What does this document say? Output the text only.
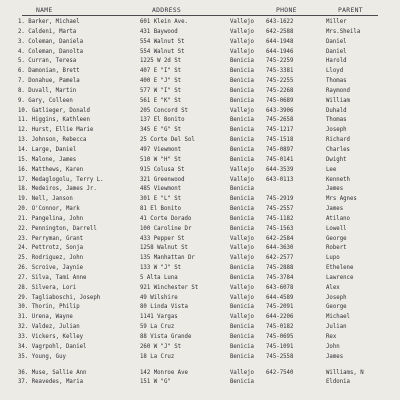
NAME	ADDRESS	PHONE	PARENT
1. Barker, Michael	601 Klein Ave.	Vallejo	643-1622	Miller
2. Caldeni, Marta	431 Baywood	Vallejo	642-2588	Mrs.Sheila
3. Coleman, Daniela	554 Walnut St	Vallejo	644-1948	Daniel
4. Coleman, Danolta	554 Walnut St	Vallejo	644-1946	Daniel
5. Curran, Teresa	1225 W 2d St	Benicia	745-2259	Harold
6. Damonian, Brett	407 E "I" St	Benicia	745-3381	Lloyd
7. Donahue, Pamela	400 E "J" St	Benicia	745-2255	Thomas
8. Duvall, Martin	577 W "I" St	Benicia	745-2268	Raymond
9. Gary, Colleen	561 E "K" St	Benicia	745-0689	William
10. Gatlieger, Donald	205 Concord St	Vallejo	643-3906	Duhald
11. Higgins, Kathleen	137 El Bonito	Benicia	745-2658	Thomas
12. Hurst, Ellie Marie	345 E "G" St	Benicia	745-1217	Joseph
13. Johnson, Rebecca	25 Corte Del Sol	Benicia	745-1518	Richard
14. Large, Daniel	497 Viewmont	Benicia	745-0897	Charles
15. Malone, James	510 W "H" St	Benicia	745-0141	Dwight
16. Matthews, Karen	915 Colusa St	Vallejo	644-3539	Lee
17. Medaglogolu, Terry L.	321 Greenwood	Vallejo	643-0113	Kenneth
18. Medeiros, James Jr.	485 Viewmont	Benicia	James
19. Nell, Janson	301 E "L" St	Benicia	745-2919	Mrs Agnes
20. O'Connor, Mark	81 El Bonito	Benicia	745-2557	James
21. Pangelina, John	41 Corte Dorado	Benicia	745-1182	Atilano
22. Pennington, Darrell	100 Caroline Dr	Benicia	745-1563	Lowell
23. Perryman, Grant	433 Pepper St	Vallejo	642-2584	George
24. Pettrotz, Sonja	1258 Walnut St	Vallejo	644-3630	Robert
25. Rodriguez, John	135 Manhattan Dr	Vallejo	642-2577	Lupo
26. Scroive, Jaynie	133 W "J" St	Benicia	745-2888	Ethelene
27. Silva, Tami Anne	5 Alta Luna	Benicia	745-3784	Lawrence
28. Silvera, Lori	921 Winchester St	Vallejo	643-6078	Alex
29. Tagliaboschi, Joseph	49 Wilshire	Vallejo	644-4589	Joseph
30. Thorin, Philip	80 Linda Vista	Benicia	745-2091	George
31. Urena, Wayne	1141 Vargas	Vallejo	644-2206	Michael
32. Valdez, Julian	59 La Cruz	Benicia	745-0182	Julian
33. Vickers, Kelley	88 Vista Grande	Benicia	745-0695	Rex
34. Vagrpohl, Daniel	260 W "J" St	Benicia	745-1091	John
35. Young, Guy	18 La Cruz	Benicia	745-2558	James
36. Muse, Sallie Ann	142 Monroe Ave	Vallejo	642-7540	Williams, N
37. Reavedes, Maria	151 W "G"	Benicia	Eldonia
